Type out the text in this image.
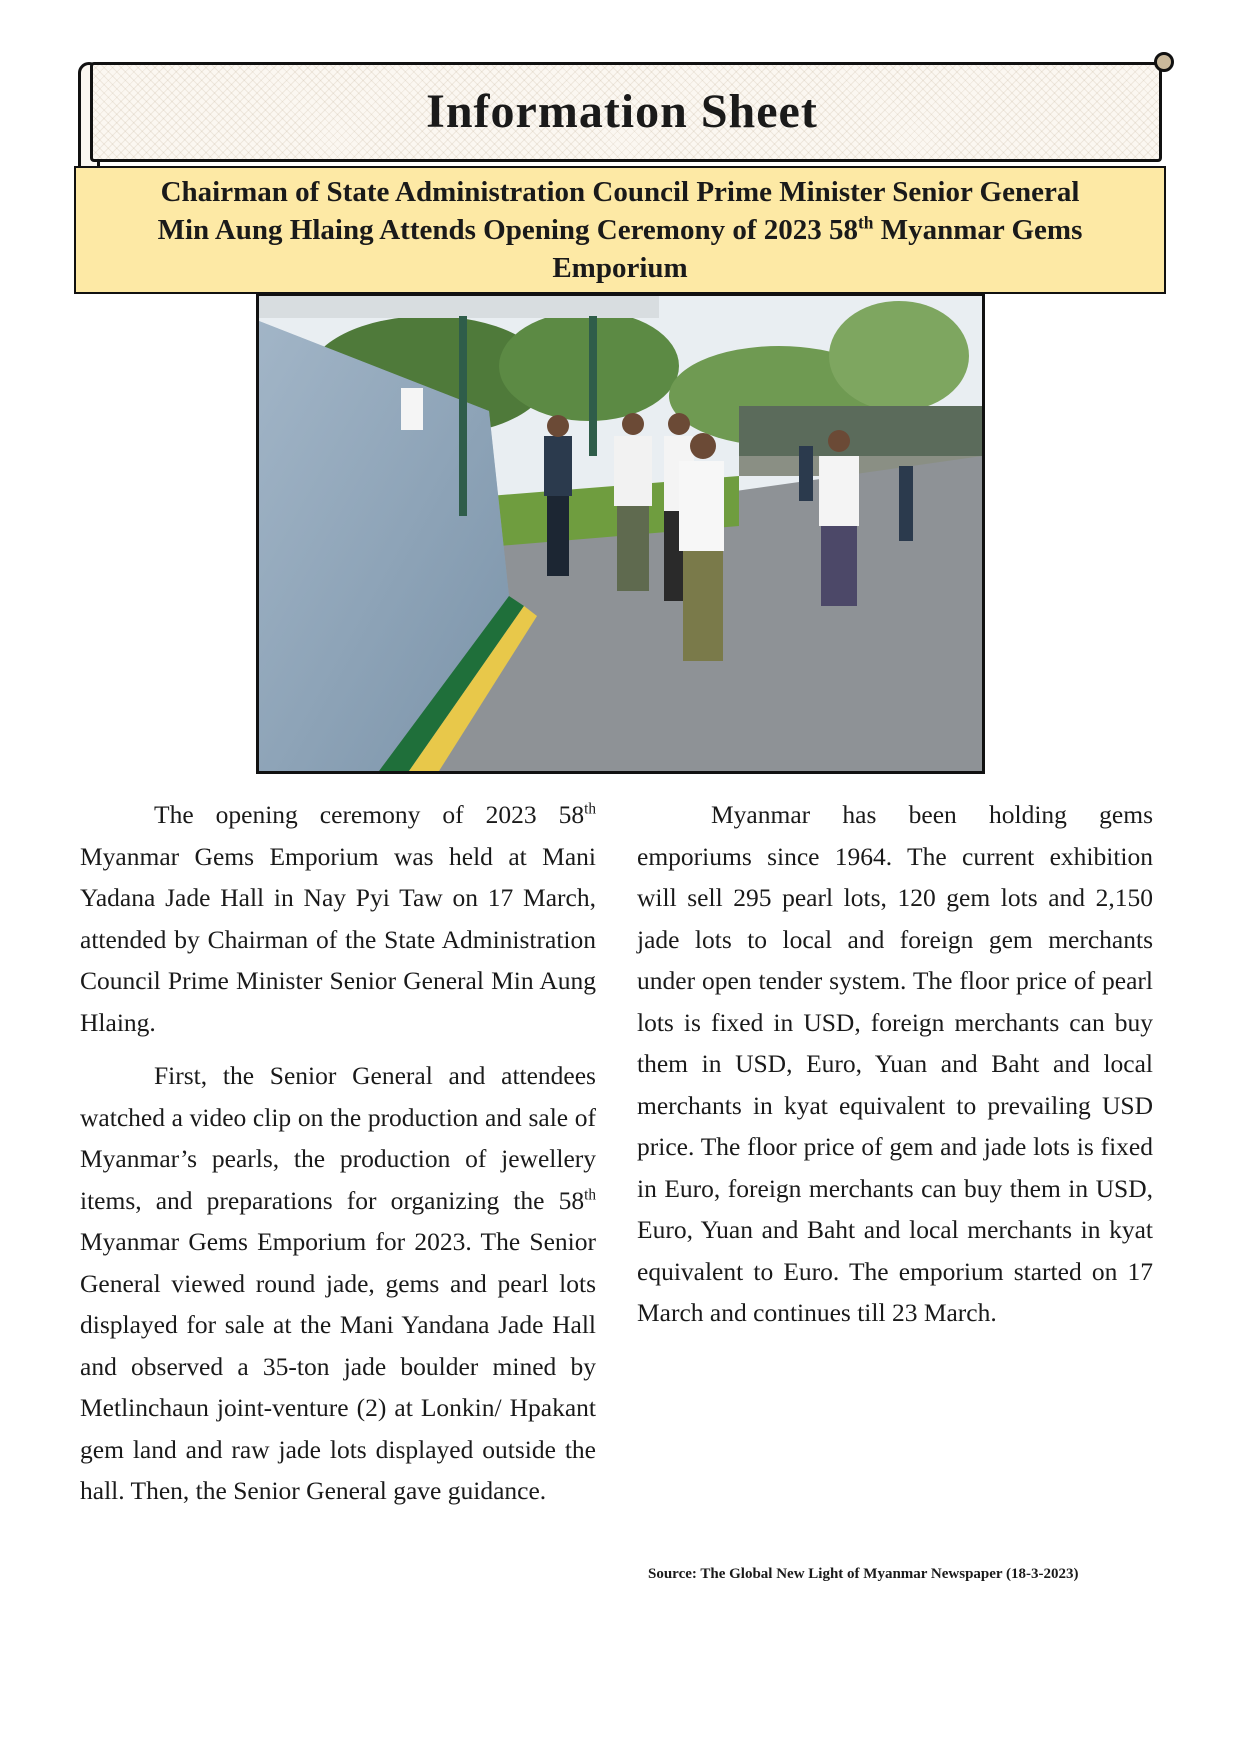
Information Sheet
Chairman of State Administration Council Prime Minister Senior General
Min Aung Hlaing Attends Opening Ceremony of 2023 58th Myanmar Gems
Emporium

The opening ceremony of 2023 58th Myanmar Gems Emporium was held at Mani Yadana Jade Hall in Nay Pyi Taw on 17 March, attended by Chairman of the State Administration Council Prime Minister Senior General Min Aung Hlaing.

First, the Senior General and attendees watched a video clip on the production and sale of Myanmar’s pearls, the production of jewellery items, and preparations for organizing the 58th Myanmar Gems Emporium for 2023. The Senior General viewed round jade, gems and pearl lots displayed for sale at the Mani Yandana Jade Hall and observed a 35-ton jade boulder mined by Metlinchaun joint-venture (2) at Lonkin/ Hpakant gem land and raw jade lots displayed outside the hall. Then, the Senior General gave guidance.

Myanmar has been holding gems emporiums since 1964. The current exhibition will sell 295 pearl lots, 120 gem lots and 2,150 jade lots to local and foreign gem merchants under open tender system. The floor price of pearl lots is fixed in USD, foreign merchants can buy them in USD, Euro, Yuan and Baht and local merchants in kyat equivalent to prevailing USD price. The floor price of gem and jade lots is fixed in Euro, foreign merchants can buy them in USD, Euro, Yuan and Baht and local merchants in kyat equivalent to Euro. The emporium started on 17 March and continues till 23 March.

Source: The Global New Light of Myanmar Newspaper (18-3-2023)
